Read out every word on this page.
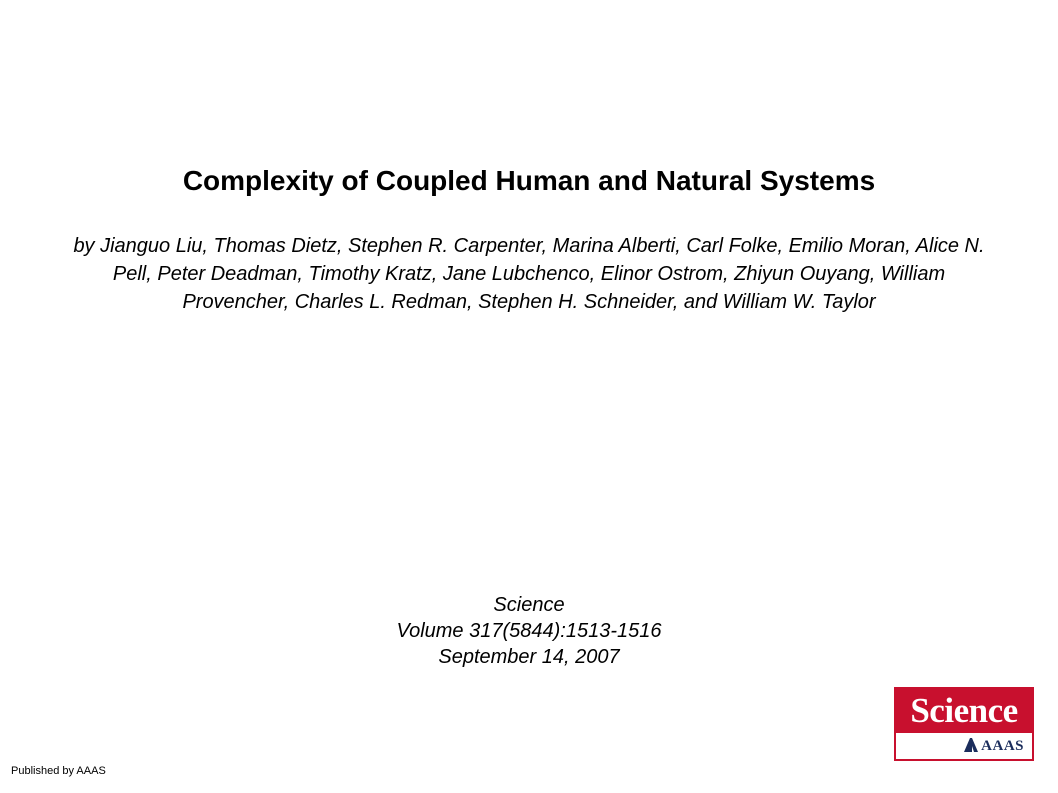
Complexity of Coupled Human and Natural Systems
by Jianguo Liu, Thomas Dietz, Stephen R. Carpenter, Marina Alberti, Carl Folke, Emilio Moran, Alice N. Pell, Peter Deadman, Timothy Kratz, Jane Lubchenco, Elinor Ostrom, Zhiyun Ouyang, William Provencher, Charles L. Redman, Stephen H. Schneider, and William W. Taylor
Science
Volume 317(5844):1513-1516
September 14, 2007
Published by AAAS
Science
AAAS
